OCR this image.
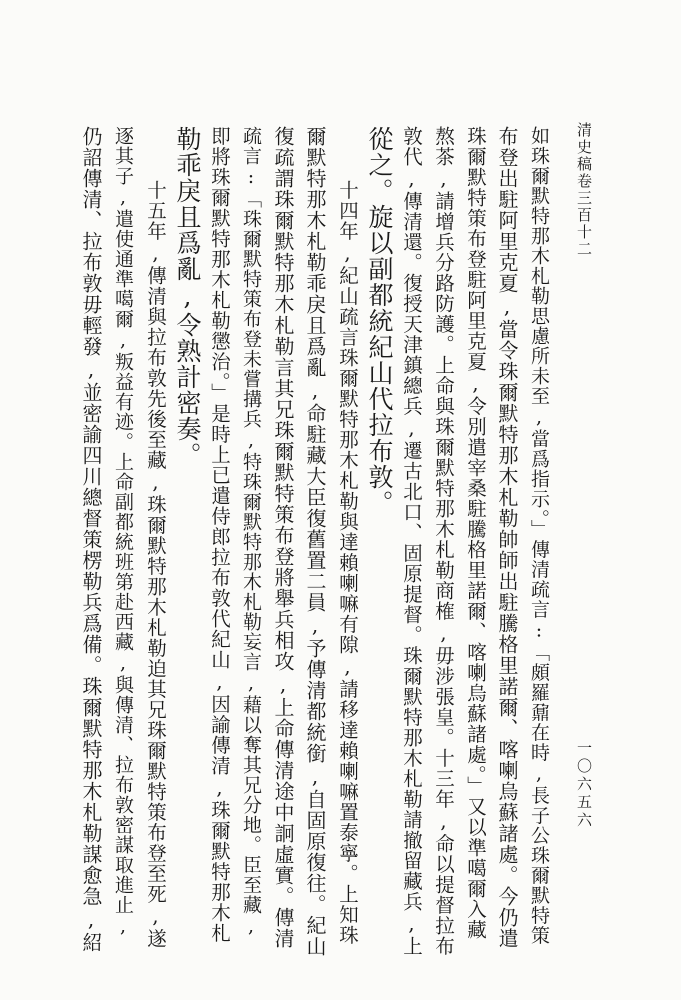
清史稿卷三百十二
一〇六五六
如珠爾默特那木札勒思慮所未至,當爲指示。」傳清疏言:「頗羅鼐在時,長子公珠爾默特策
布登出駐阿里克夏,當令珠爾默特那木札勒帥師出駐騰格里諾爾、喀喇烏蘇諸處。今仍遣
珠爾默特策布登駐阿里克夏,令別遣宰桑駐騰格里諾爾、喀喇烏蘇諸處。」又以準噶爾入藏
熬茶,請增兵分路防護。上命與珠爾默特那木札勒商榷,毋涉張皇。十三年,命以提督拉布
敦代,傳清還。復授天津鎮總兵,遷古北口、固原提督。珠爾默特那木札勒請撤留藏兵,上
從之。旋以副都統紀山代拉布敦。
十四年,紀山疏言珠爾默特那木札勒與達賴喇嘛有隙,請移達賴喇嘛置泰寧。上知珠
爾默特那木札勒乖戾且爲亂,命駐藏大臣復舊置二員,予傳清都統銜,自固原復往。紀山
復疏謂珠爾默特那木札勒言其兄珠爾默特策布登將舉兵相攻,上命傳清途中詗虛實。傳清
疏言:「珠爾默特策布登未嘗搆兵,特珠爾默特那木札勒妄言,藉以奪其兄分地。臣至藏,
即將珠爾默特那木札勒懲治。」是時上已遣侍郎拉布敦代紀山,因諭傳清,珠爾默特那木札
勒乖戾且爲亂,令熟計密奏。
十五年,傳清與拉布敦先後至藏,珠爾默特那木札勒迫其兄珠爾默特策布登至死,遂
逐其子,遣使通準噶爾,叛益有迹。上命副都統班第赴西藏,與傳清、拉布敦密謀取進止,
仍詔傳清、拉布敦毋輕發,並密諭四川總督策楞勒兵爲備。珠爾默特那木札勒謀愈急,紹
